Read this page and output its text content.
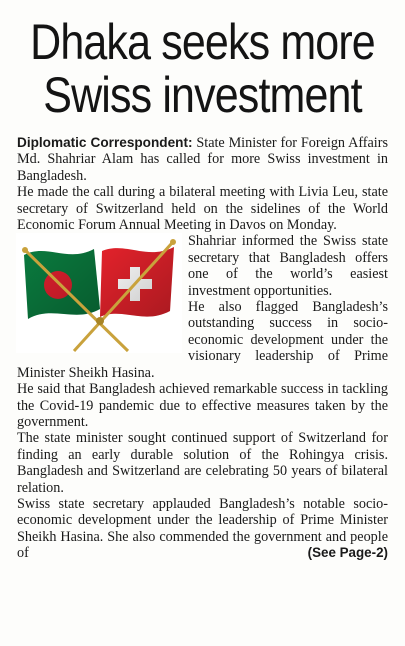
Dhaka seeks more
Swiss investment

Diplomatic Correspondent: State Minister for Foreign Affairs Md. Shahriar Alam has called for more Swiss investment in Bangladesh.

He made the call during a bilateral meeting with Livia Leu, state secretary of Switzerland held on the sidelines of the World Economic Forum Annual Meeting in Davos on Monday.

Shahriar informed the Swiss state secretary that Bangladesh offers one of the world’s easiest investment opportunities.

He also flagged Bangladesh’s outstanding success in socio-economic development under the visionary leadership of Prime Minister Sheikh Hasina.

He said that Bangladesh achieved remarkable success in tackling the Covid-19 pandemic due to effective measures taken by the government.

The state minister sought continued support of Switzerland for finding an early durable solution of the Rohingya crisis. Bangladesh and Switzerland are celebrating 50 years of bilateral relation.

Swiss state secretary applauded Bangladesh’s notable socio-economic development under the leadership of Prime Minister Sheikh Hasina. She also commended the government and people of	(See Page-2)
